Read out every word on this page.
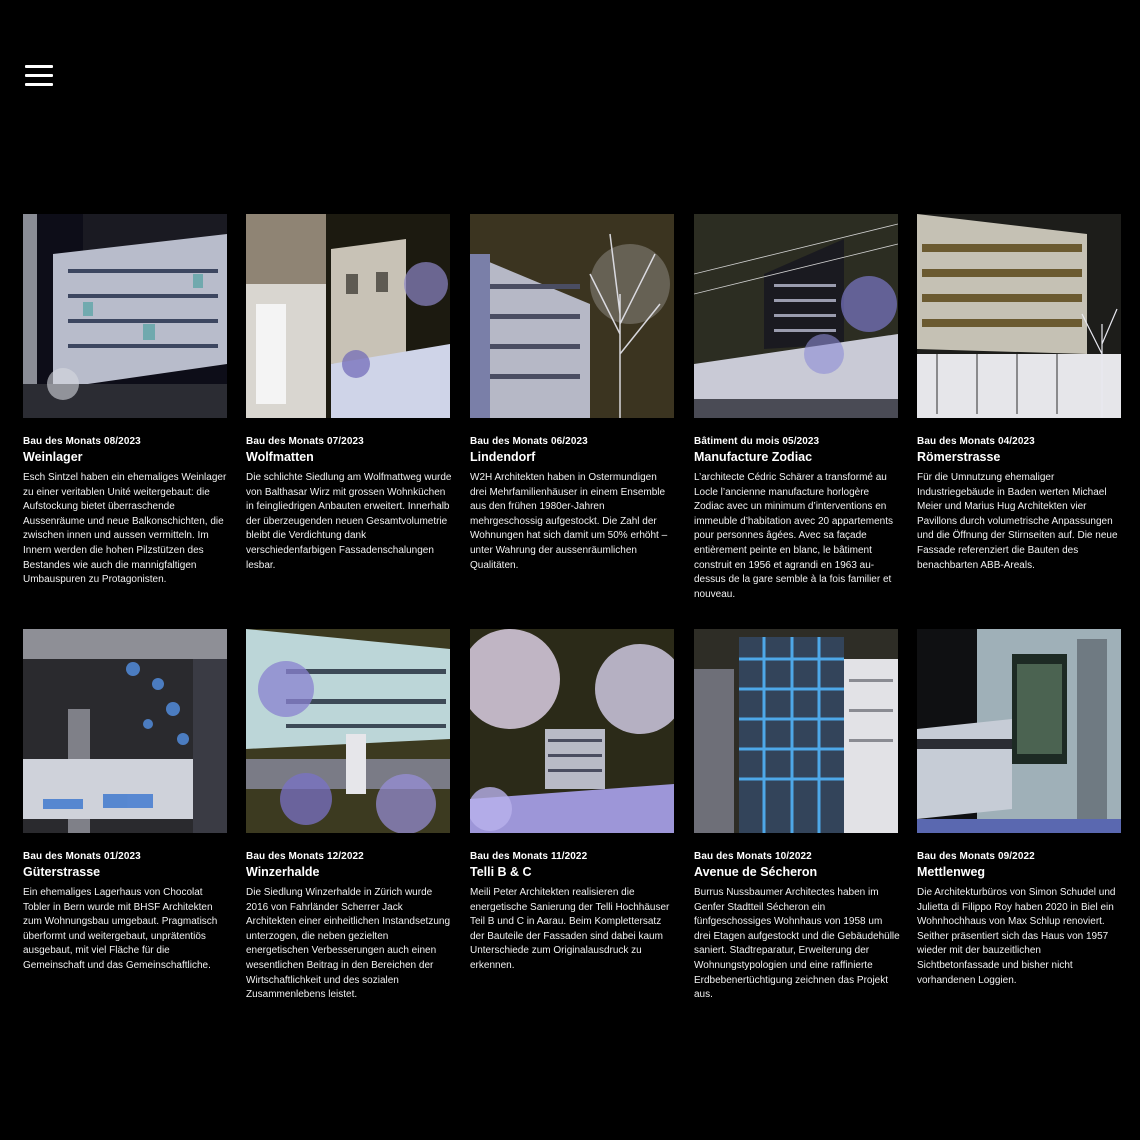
Bau des Monats 08/2023
Weinlager
Esch Sintzel haben ein ehemaliges Weinlager zu einer veritablen Unité weitergebaut: die Aufstockung bietet überraschende Aussenräume und neue Balkonschichten, die zwischen innen und aussen vermitteln. Im Innern werden die hohen Pilzstützen des Bestandes wie auch die mannigfaltigen Umbauspuren zu Protagonisten.
Bau des Monats 07/2023
Wolfmatten
Die schlichte Siedlung am Wolfmattweg wurde von Balthasar Wirz mit grossen Wohnküchen in feingliedrigen Anbauten erweitert. Innerhalb der überzeugenden neuen Gesamtvolumetrie bleibt die Verdichtung dank verschiedenfarbigen Fassadenschalungen lesbar.
Bau des Monats 06/2023
Lindendorf
W2H Architekten haben in Ostermundigen drei Mehrfamilienhäuser in einem Ensemble aus den frühen 1980er-Jahren mehrgeschossig aufgestockt. Die Zahl der Wohnungen hat sich damit um 50% erhöht – unter Wahrung der aussenräumlichen Qualitäten.
Bâtiment du mois 05/2023
Manufacture Zodiac
L’architecte Cédric Schärer a transformé au Locle l’ancienne manufacture horlogère Zodiac avec un minimum d’interventions en immeuble d’habitation avec 20 appartements pour personnes âgées. Avec sa façade entièrement peinte en blanc, le bâtiment construit en 1956 et agrandi en 1963 au-dessus de la gare semble à la fois familier et nouveau.
Bau des Monats 04/2023
Römerstrasse
Für die Umnutzung ehemaliger Industriegebäude in Baden werten Michael Meier und Marius Hug Architekten vier Pavillons durch volumetrische Anpassungen und die Öffnung der Stirnseiten auf. Die neue Fassade referenziert die Bauten des benachbarten ABB-Areals.
Bau des Monats 01/2023
Güterstrasse
Ein ehemaliges Lagerhaus von Chocolat Tobler in Bern wurde mit BHSF Architekten zum Wohnungsbau umgebaut. Pragmatisch überformt und weitergebaut, unprätentiös ausgebaut, mit viel Fläche für die Gemeinschaft und das Gemeinschaftliche.
Bau des Monats 12/2022
Winzerhalde
Die Siedlung Winzerhalde in Zürich wurde 2016 von Fahrländer Scherrer Jack Architekten einer einheitlichen Instandsetzung unterzogen, die neben gezielten energetischen Verbesserungen auch einen wesentlichen Beitrag in den Bereichen der Wirtschaftlichkeit und des sozialen Zusammenlebens leistet.
Bau des Monats 11/2022
Telli B & C
Meili Peter Architekten realisieren die energetische Sanierung der Telli Hochhäuser Teil B und C in Aarau. Beim Komplettersatz der Bauteile der Fassaden sind dabei kaum Unterschiede zum Originalausdruck zu erkennen.
Bau des Monats 10/2022
Avenue de Sécheron
Burrus Nussbaumer Architectes haben im Genfer Stadtteil Sécheron ein fünfgeschossiges Wohnhaus von 1958 um drei Etagen aufgestockt und die Gebäudehülle saniert. Stadtreparatur, Erweiterung der Wohnungstypologien und eine raffinierte Erdbebenertüchtigung zeichnen das Projekt aus.
Bau des Monats 09/2022
Mettlenweg
Die Architekturbüros von Simon Schudel und Julietta di Filippo Roy haben 2020 in Biel ein Wohnhochhaus von Max Schlup renoviert. Seither präsentiert sich das Haus von 1957 wieder mit der bauzeitlichen Sichtbetonfassade und bisher nicht vorhandenen Loggien.
